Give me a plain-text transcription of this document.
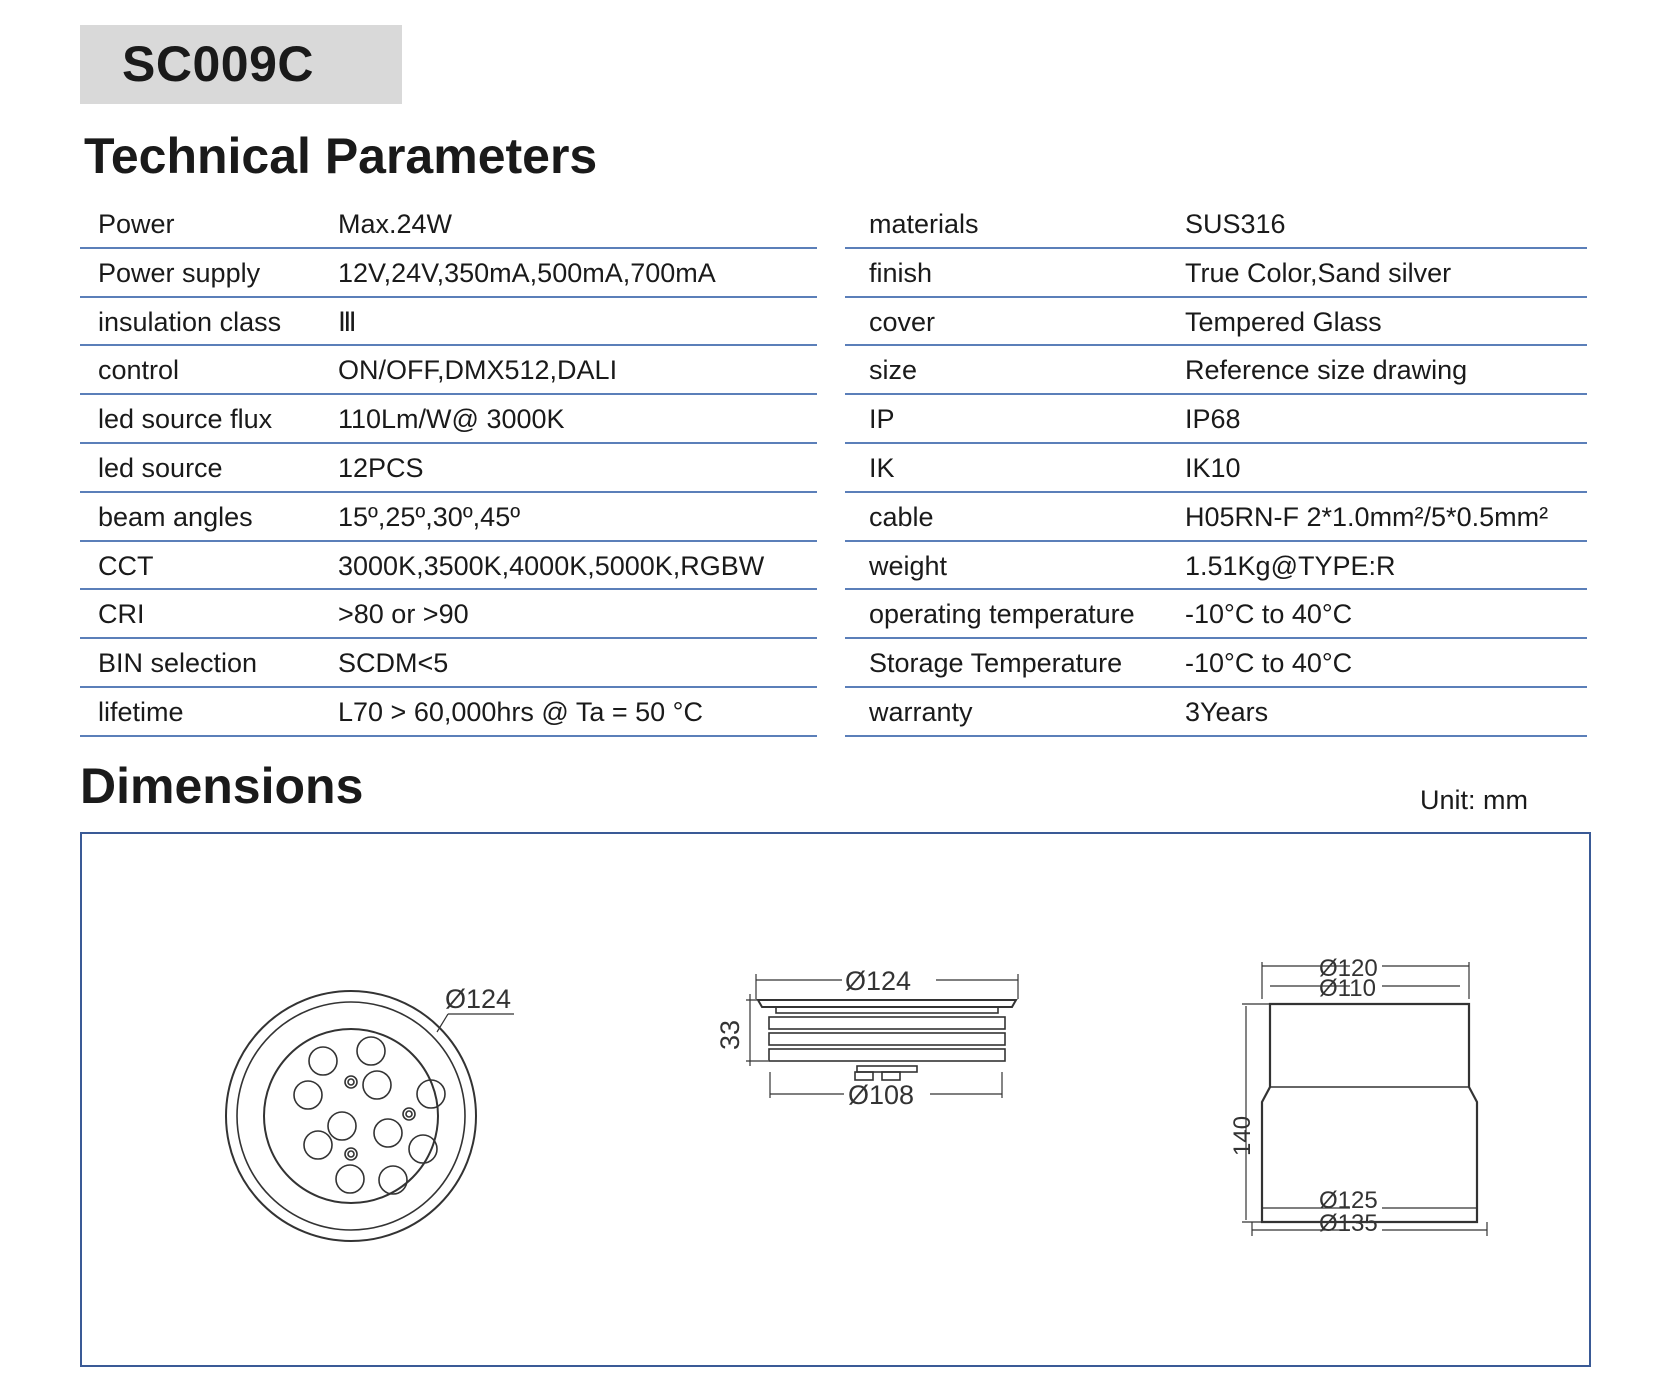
SC009C
Technical Parameters
Power	Max.24W
Power supply	12V,24V,350mA,500mA,700mA
insulation class Ⅲ
control	ON/OFF,DMX512,DALI
led source flux 110Lm/W@ 3000K
led source	12PCS
beam angles	15º,25º,30º,45º
CCT	3000K,3500K,4000K,5000K,RGBW
CRI	>80 or >90
BIN selection	SCDM<5
lifetime	L70 > 60,000hrs @ Ta = 50 °C
materials	SUS316
finish	True Color,Sand silver
cover	Tempered Glass
size	Reference size drawing
IP	IP68
IK	IK10
cable	H05RN-F 2*1.0mm²/5*0.5mm²
weight	1.51Kg@TYPE:R
operating temperature -10°C to 40°C
Storage Temperature -10°C to 40°C
warranty	3Years
Dimensions	Unit: mm
Ø124
Ø124
33
Ø108
Ø120
Ø110
140
Ø125
Ø135
